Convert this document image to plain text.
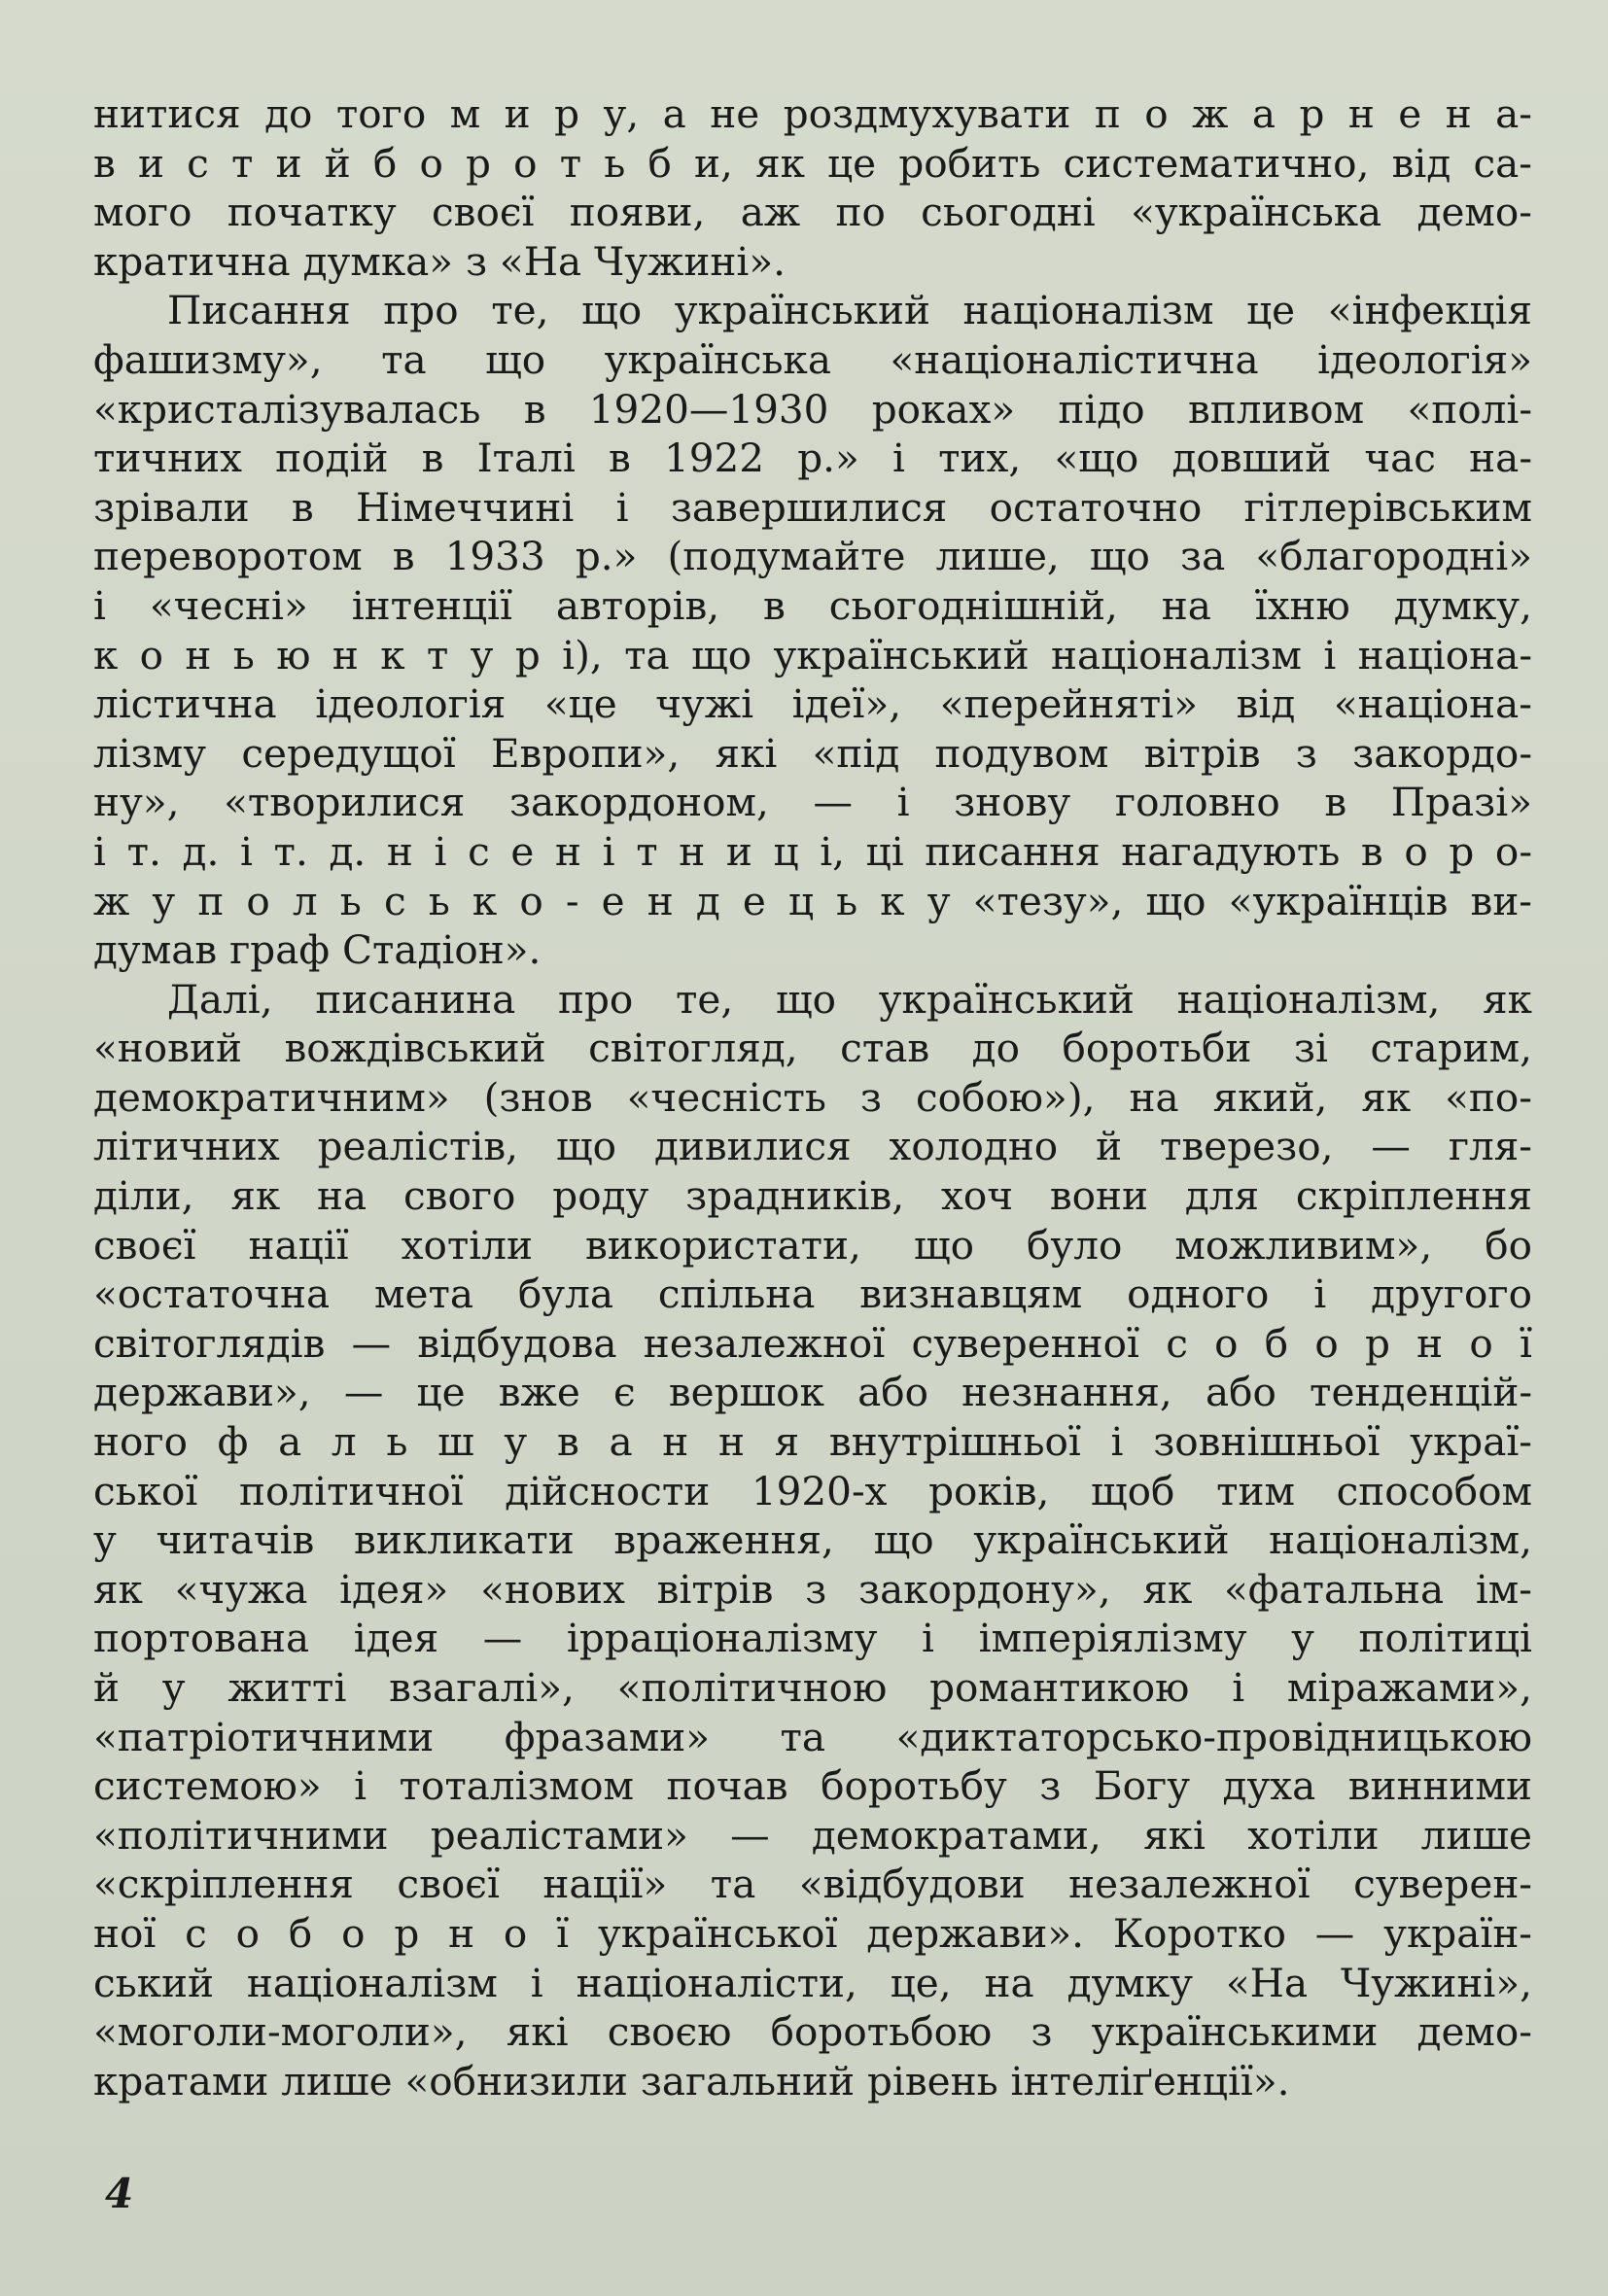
нитися до того м и р у, а не роздмухувати п о ж а р н е н а-
в и с т и й б о р о т ь б и, як це робить систематично, від са-
мого початку своєї появи, аж по сьогодні «українська демо-
кратична думка» з «На Чужині».
Писання про те, що український націоналізм це «інфекція
фашизму», та що українська «націоналістична ідеологія»
«кристалізувалась в 1920—1930 роках» підо впливом «полі-
тичних подій в Італі в 1922 р.» і тих, «що довший час на-
зрівали в Німеччині і завершилися остаточно гітлерівським
переворотом в 1933 р.» (подумайте лише, що за «благородні»
і «чесні» інтенції авторів, в сьогоднішній, на їхню думку,
к о н ь ю н к т у р і), та що український націоналізм і націона-
лістична ідеологія «це чужі ідеї», «перейняті» від «націона-
лізму середущої Европи», які «під подувом вітрів з закордо-
ну», «творилися закордоном, — і знову головно в Празі»
і т. д. і т. д. н і с е н і т н и ц і, ці писання нагадують в о р о-
ж у п о л ь с ь к о - е н д е ц ь к у «тезу», що «українців ви-
думав граф Стадіон».
Далі, писанина про те, що український націоналізм, як
«новий вождівський світогляд, став до боротьби зі старим,
демократичним» (знов «чесність з собою»), на який, як «по-
літичних реалістів, що дивилися холодно й тверезо, — гля-
діли, як на свого роду зрадників, хоч вони для скріплення
своєї нації хотіли використати, що було можливим», бо
«остаточна мета була спільна визнавцям одного і другого
світоглядів — відбудова незалежної суверенної с о б о р н о ї
держави», — це вже є вершок або незнання, або тенденцій-
ного ф а л ь ш у в а н н я внутрішньої і зовнішньої украї-
ської політичної дійсности 1920-х років, щоб тим способом
у читачів викликати враження, що український націоналізм,
як «чужа ідея» «нових вітрів з закордону», як «фатальна ім-
портована ідея — ірраціоналізму і імперіялізму у політиці
й у житті взагалі», «політичною романтикою і міражами»,
«патріотичними фразами» та «диктаторсько-провідницькою
системою» і тоталізмом почав боротьбу з Богу духа винними
«політичними реалістами» — демократами, які хотіли лише
«скріплення своєї нації» та «відбудови незалежної суверен-
ної с о б о р н о ї української держави». Коротко — україн-
ський націоналізм і націоналісти, це, на думку «На Чужині»,
«моголи-моголи», які своєю боротьбою з українськими демо-
кратами лише «обнизили загальний рівень інтеліґенції».
4
